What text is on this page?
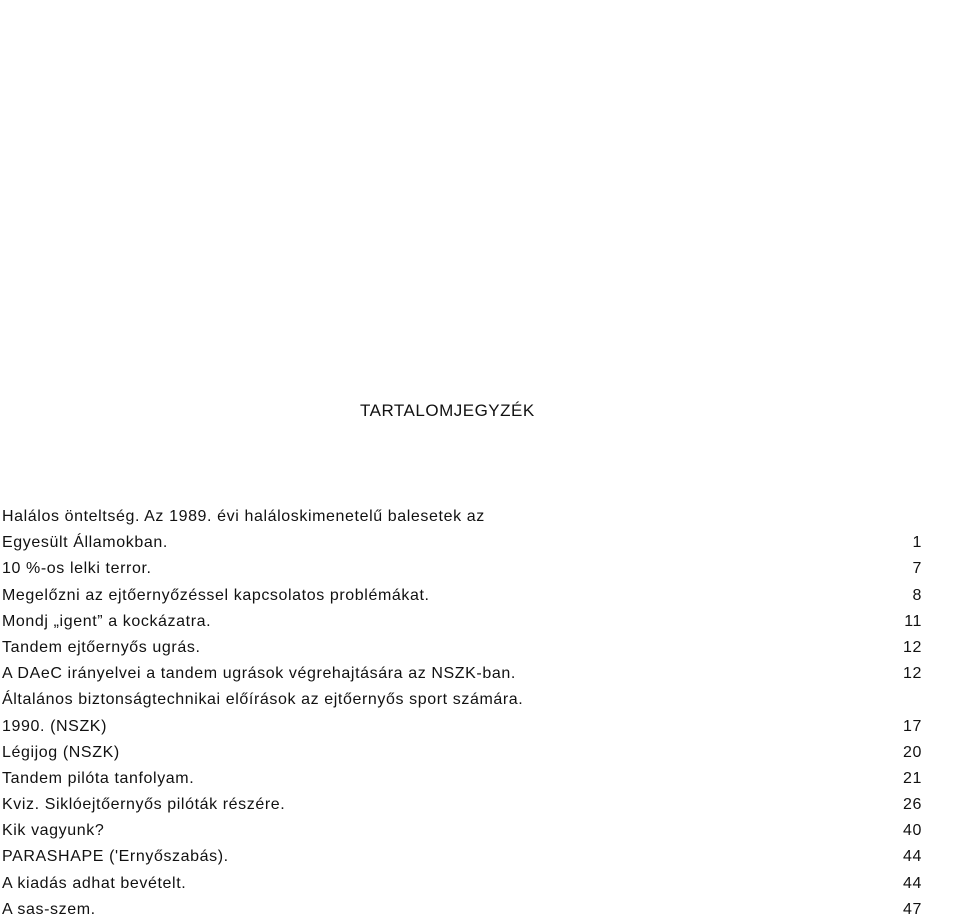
TARTALOMJEGYZÉK
Halálos önteltség. Az 1989. évi haláloskimenetelű balesetek az
Egyesült Államokban.	1
10 %-os lelki terror.	7
Megelőzni az ejtőernyőzéssel kapcsolatos problémákat.	8
Mondj „igent” a kockázatra.	11
Tandem ejtőernyős ugrás.	12
A DAeC irányelvei a tandem ugrások végrehajtására az NSZK-ban.	12
Általános biztonságtechnikai előírások az ejtőernyős sport számára.
1990. (NSZK)	17
Légijog (NSZK)	20
Tandem pilóta tanfolyam.	21
Kviz. Siklóejtőernyős pilóták részére.	26
Kik vagyunk?	40
PARASHAPE ('Ernyőszabás).	44
A kiadás adhat bevételt.	44
A sas-szem.	47
